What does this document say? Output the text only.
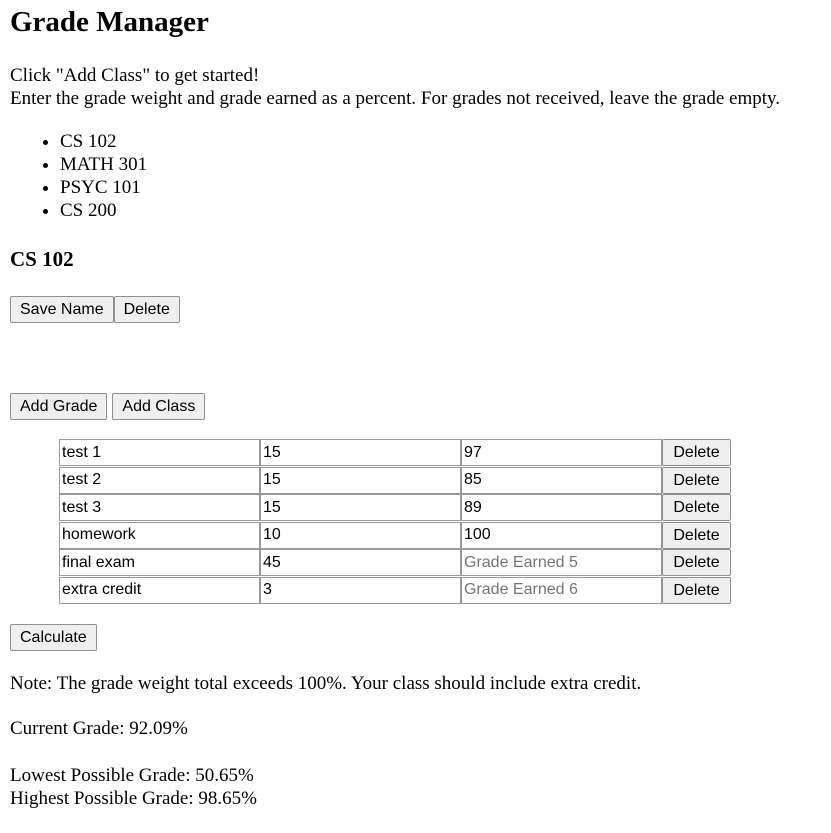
Grade Manager
Click "Add Class" to get started!
Enter the grade weight and grade earned as a percent. For grades not received, leave the grade empty.
• CS 102
• MATH 301
• PSYC 101
• CS 200
CS 102
Save Name	Delete
Add Grade	Add Class
test 1	
15	
97	Delete

test 2	
15	
85	Delete

test 3	
15	
89	Delete

homework	
10	
100	Delete

final exam	
45	
Grade Earned 5	Delete

extra credit	
3	
Grade Earned 6	Delete
Calculate
Note: The grade weight total exceeds 100%. Your class should include extra credit.
Current Grade: 92.09%
Lowest Possible Grade: 50.65%
Highest Possible Grade: 98.65%
